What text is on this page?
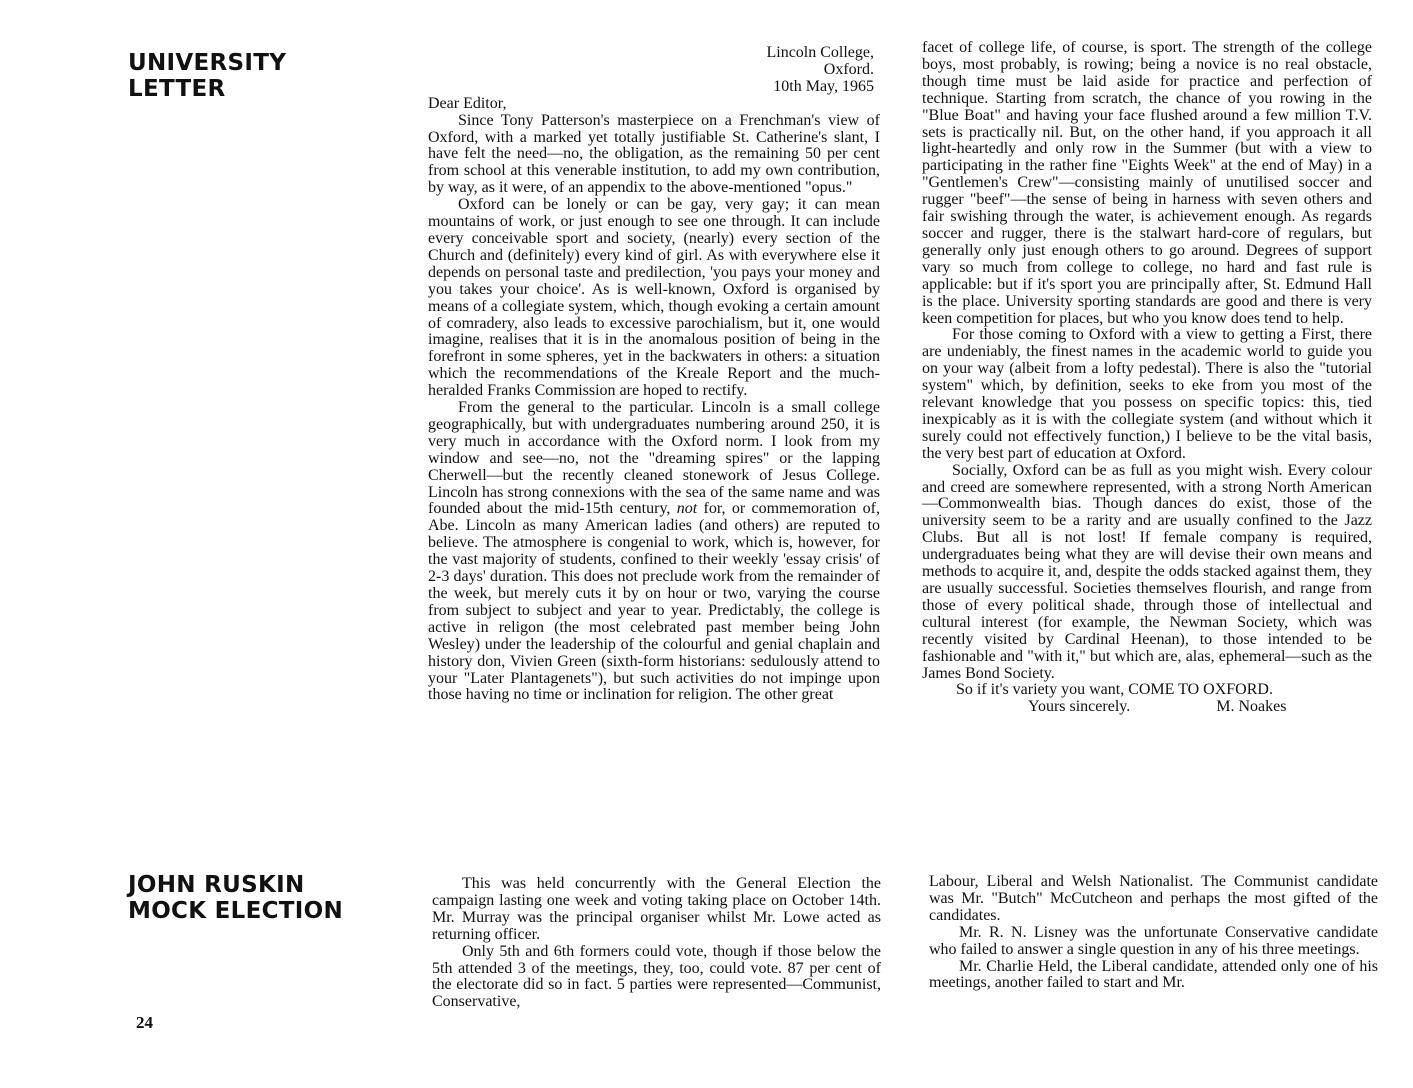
UNIVERSITY
LETTER
Lincoln College,
Oxford.
10th May, 1965

Dear Editor,

Since Tony Patterson's masterpiece on a Frenchman's view of Oxford, with a marked yet totally justifiable St. Catherine's slant, I have felt the need—no, the obligation, as the remaining 50 per cent from school at this venerable institution, to add my own contribution, by way, as it were, of an appendix to the above-mentioned "opus."

Oxford can be lonely or can be gay, very gay; it can mean mountains of work, or just enough to see one through. It can include every conceivable sport and society, (nearly) every section of the Church and (definitely) every kind of girl. As with everywhere else it depends on personal taste and predilection, 'you pays your money and you takes your choice'. As is well-known, Oxford is organised by means of a collegiate system, which, though evoking a certain amount of comradery, also leads to excessive parochialism, but it, one would imagine, realises that it is in the anomalous position of being in the forefront in some spheres, yet in the backwaters in others: a situation which the recommendations of the Kreale Report and the much-heralded Franks Commission are hoped to rectify.

From the general to the particular. Lincoln is a small college geographically, but with undergraduates numbering around 250, it is very much in accordance with the Oxford norm. I look from my window and see—no, not the "dreaming spires" or the lapping Cherwell—but the recently cleaned stonework of Jesus College. Lincoln has strong connexions with the sea of the same name and was founded about the mid-15th century, not for, or commemoration of, Abe. Lincoln as many American ladies (and others) are reputed to believe. The atmosphere is congenial to work, which is, however, for the vast majority of students, confined to their weekly 'essay crisis' of 2-3 days' duration. This does not preclude work from the remainder of the week, but merely cuts it by on hour or two, varying the course from subject to subject and year to year. Predictably, the college is active in religon (the most celebrated past member being John Wesley) under the leadership of the colourful and genial chaplain and history don, Vivien Green (sixth-form historians: sedulously attend to your "Later Plantagenets"), but such activities do not impinge upon those having no time or inclination for religion. The other great

facet of college life, of course, is sport. The strength of the college boys, most probably, is rowing; being a novice is no real obstacle, though time must be laid aside for practice and perfection of technique. Starting from scratch, the chance of you rowing in the "Blue Boat" and having your face flushed around a few million T.V. sets is practically nil. But, on the other hand, if you approach it all light-heartedly and only row in the Summer (but with a view to participating in the rather fine "Eights Week" at the end of May) in a "Gentlemen's Crew"—consisting mainly of unutilised soccer and rugger "beef"—the sense of being in harness with seven others and fair swishing through the water, is achievement enough. As regards soccer and rugger, there is the stalwart hard-core of regulars, but generally only just enough others to go around. Degrees of support vary so much from college to college, no hard and fast rule is applicable: but if it's sport you are principally after, St. Edmund Hall is the place. University sporting standards are good and there is very keen competition for places, but who you know does tend to help.

For those coming to Oxford with a view to getting a First, there are undeniably, the finest names in the academic world to guide you on your way (albeit from a lofty pedestal). There is also the "tutorial system" which, by definition, seeks to eke from you most of the relevant knowledge that you possess on specific topics: this, tied inexpicably as it is with the collegiate system (and without which it surely could not effectively function,) I believe to be the vital basis, the very best part of education at Oxford.

Socially, Oxford can be as full as you might wish. Every colour and creed are somewhere represented, with a strong North American—Commonwealth bias. Though dances do exist, those of the university seem to be a rarity and are usually confined to the Jazz Clubs. But all is not lost! If female company is required, undergraduates being what they are will devise their own means and methods to acquire it, and, despite the odds stacked against them, they are usually successful. Societies themselves flourish, and range from those of every political shade, through those of intellectual and cultural interest (for example, the Newman Society, which was recently visited by Cardinal Heenan), to those intended to be fashionable and "with it," but which are, alas, ephemeral—such as the James Bond Society.

So if it's variety you want, COME TO OXFORD.
Yours sincerely.	M. Noakes
JOHN RUSKIN
MOCK ELECTION

This was held concurrently with the General Election the campaign lasting one week and voting taking place on October 14th. Mr. Murray was the principal organiser whilst Mr. Lowe acted as returning officer.

Only 5th and 6th formers could vote, though if those below the 5th attended 3 of the meetings, they, too, could vote. 87 per cent of the electorate did so in fact. 5 parties were represented—Communist, Conservative,

Labour, Liberal and Welsh Nationalist. The Communist candidate was Mr. "Butch" McCutcheon and perhaps the most gifted of the candidates.

Mr. R. N. Lisney was the unfortunate Conservative candidate who failed to answer a single question in any of his three meetings.

Mr. Charlie Held, the Liberal candidate, attended only one of his meetings, another failed to start and Mr.

24
